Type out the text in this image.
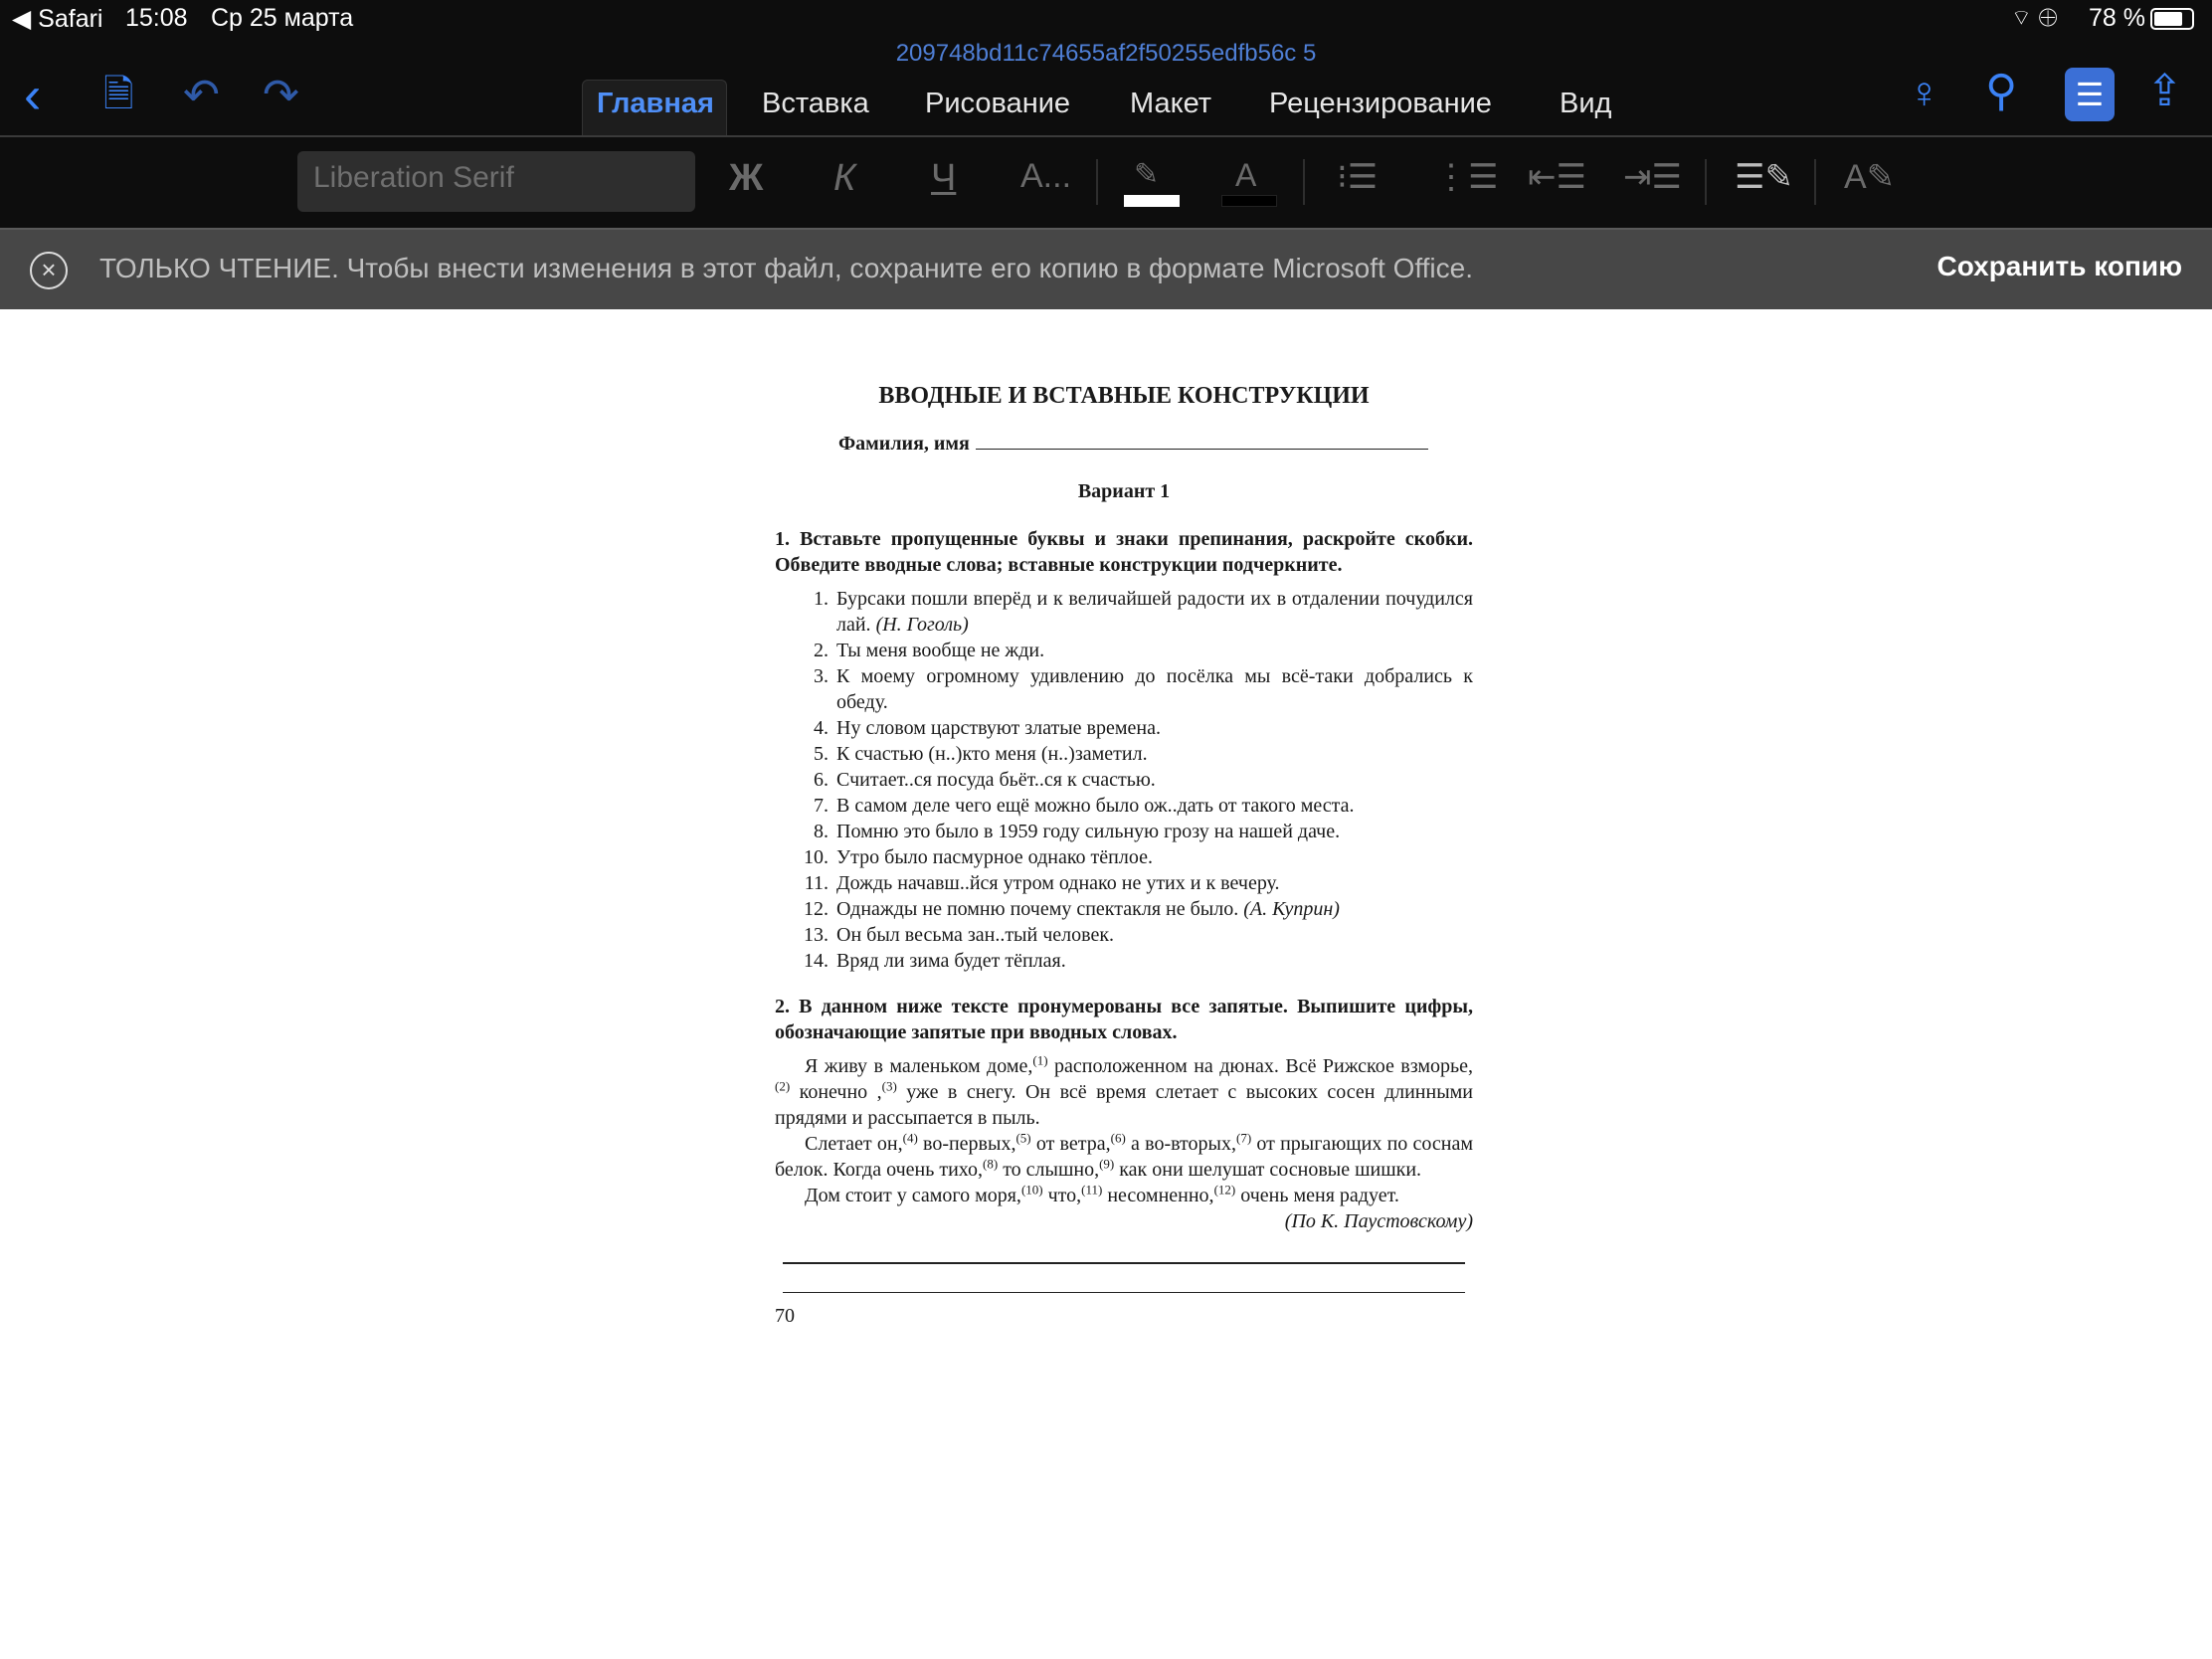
◀ Safari 15:08 Ср 25 марта	⌔ ⊕ 78 %
209748bd11c74655af2f50255edfb56c 5
‹ 🗎 ↶ ↷	Главная Вставка Рисование Макет Рецензирование Вид	♀ ⚲	☰ ⇪
Liberation Serif	Ж К Ч A... ✎ A ⁝☰ ⋮☰ ⇤☰ ⇥☰ ☰✎ A✎
×	ТОЛЬКО ЧТЕНИЕ. Чтобы внести изменения в этот файл, сохраните его копию в формате Microsoft Office.	Сохранить копию
ВВОДНЫЕ И ВСТАВНЫЕ КОНСТРУКЦИИ
Фамилия, имя
Вариант 1
1. Вставьте пропущенные буквы и знаки препинания, раскройте скобки. Обведите вводные слова; вставные конструкции подчеркните.
1. Бурсаки пошли вперёд и к величайшей радости их в отдалении почудился лай. (Н. Гоголь)
2. Ты меня вообще не жди.
3. К моему огромному удивлению до посёлка мы всё-таки добрались к обеду.
4. Ну словом царствуют златые времена.
5. К счастью (н..)кто меня (н..)заметил.
6. Считает..ся посуда бьёт..ся к счастью.
7. В самом деле чего ещё можно было ож..дать от такого места.
8. Помню это было в 1959 году сильную грозу на нашей даче.
10. Утро было пасмурное однако тёплое.
11. Дождь начавш..йся утром однако не утих и к вечеру.
12. Однажды не помню почему спектакля не было. (А. Куприн)
13. Он был весьма зан..тый человек.
14. Вряд ли зима будет тёплая.
2. В данном ниже тексте пронумерованы все запятые. Выпишите цифры, обозначающие запятые при вводных словах.
Я живу в маленьком доме,$^{(1)}$ расположенном на дюнах. Всё Рижское взморье,$^{(2)}$ конечно ,$^{(3)}$ уже в снегу. Он всё время слетает с высоких сосен длинными прядями и рассыпается в пыль.
Слетает он,$^{(4)}$ во-первых,$^{(5)}$ от ветра,$^{(6)}$ а во-вторых,$^{(7)}$ от прыгающих по соснам белок. Когда очень тихо,$^{(8)}$ то слышно,$^{(9)}$ как они шелушат сосновые шишки.
Дом стоит у самого моря,$^{(10)}$ что,$^{(11)}$ несомненно,$^{(12)}$ очень меня радует.
(По К. Паустовскому)
70
